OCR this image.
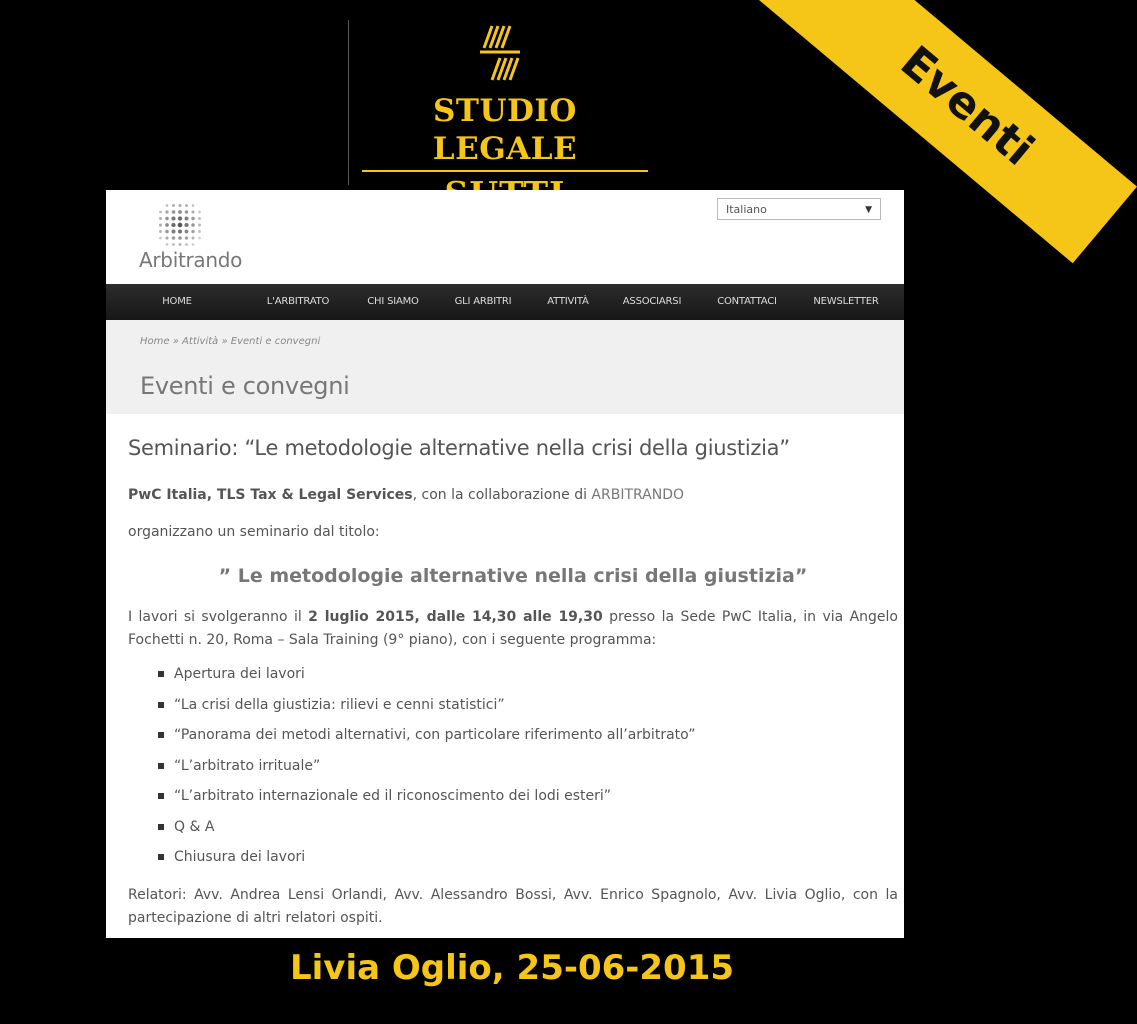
STUDIO LEGALE	Eventi
Arbitrando
Italiano	▼
HOME	L'ARBITRATO	CHI SIAMO	GLI ARBITRI	ATTIVITÀ	ASSOCIARSI	CONTATTACI	NEWSLETTER
Home » Attività » Eventi e convegni
Eventi e convegni
Seminario: “Le metodologie alternative nella crisi della giustizia”
PwC Italia, TLS Tax & Legal Services, con la collaborazione di ARBITRANDO
organizzano un seminario dal titolo:
” Le metodologie alternative nella crisi della giustizia”
I lavori si svolgeranno il 2 luglio 2015, dalle 14,30 alle 19,30 presso la Sede PwC Italia, in via Angelo Fochetti n. 20, Roma – Sala Training (9° piano), con i seguente programma:
Apertura dei lavori
“La crisi della giustizia: rilievi e cenni statistici”
“Panorama dei metodi alternativi, con particolare riferimento all’arbitrato”
“L’arbitrato irrituale”
“L’arbitrato internazionale ed il riconoscimento dei lodi esteri”
Q & A
Chiusura dei lavori
Relatori: Avv. Andrea Lensi Orlandi, Avv. Alessandro Bossi, Avv. Enrico Spagnolo, Avv. Livia Oglio, con la partecipazione di altri relatori ospiti.
Livia Oglio, 25-06-2015
